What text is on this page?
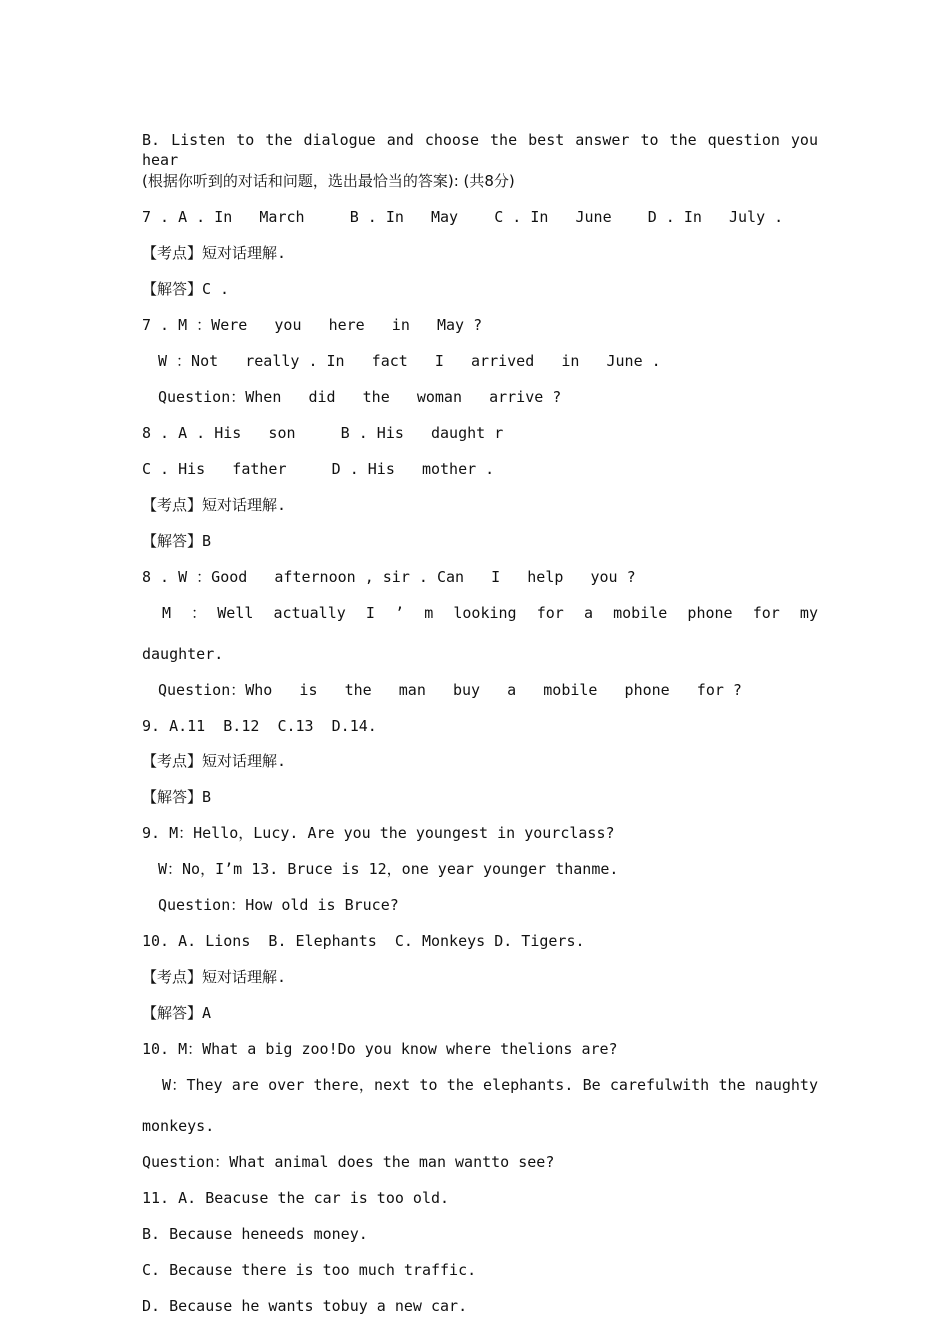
B. Listen to the dialogue and choose the best answer to the question you hear
(根据你听到的对话和问题，选出最恰当的答案): (共8分)
7 . A . In   March     B . In   May    C . In   June    D . In   July .
【考点】短对话理解.
【解答】C .
7 . M ：Were   you   here   in   May ?
W ：Not   really . In   fact   I   arrived   in   June .
Question：When   did   the   woman   arrive ?
8 . A . His   son     B . His   daught r
C . His   father     D . His   mother .
【考点】短对话理解.
【解答】B
8 . W ：Good   afternoon , sir . Can   I   help   you ?
M ：Well actually I ’ m looking for a mobile phone for my
daughter.
Question：Who   is   the   man   buy   a   mobile   phone   for ?
9. A.11  B.12  C.13  D.14.
【考点】短对话理解.
【解答】B
9. M：Hello，Lucy. Are you the youngest in yourclass?
W：No，I’m 13. Bruce is 12，one year younger thanme.
Question：How old is Bruce?
10. A. Lions  B. Elephants  C. Monkeys D. Tigers.
【考点】短对话理解.
【解答】A
10. M：What a big zoo!Do you know where thelions are?
W：They are over there，next to the elephants. Be carefulwith the naughty
monkeys.
Question：What animal does the man wantto see?
11. A. Beacuse the car is too old.
B. Because heneeds money.
C. Because there is too much traffic.
D. Because he wants tobuy a new car.
